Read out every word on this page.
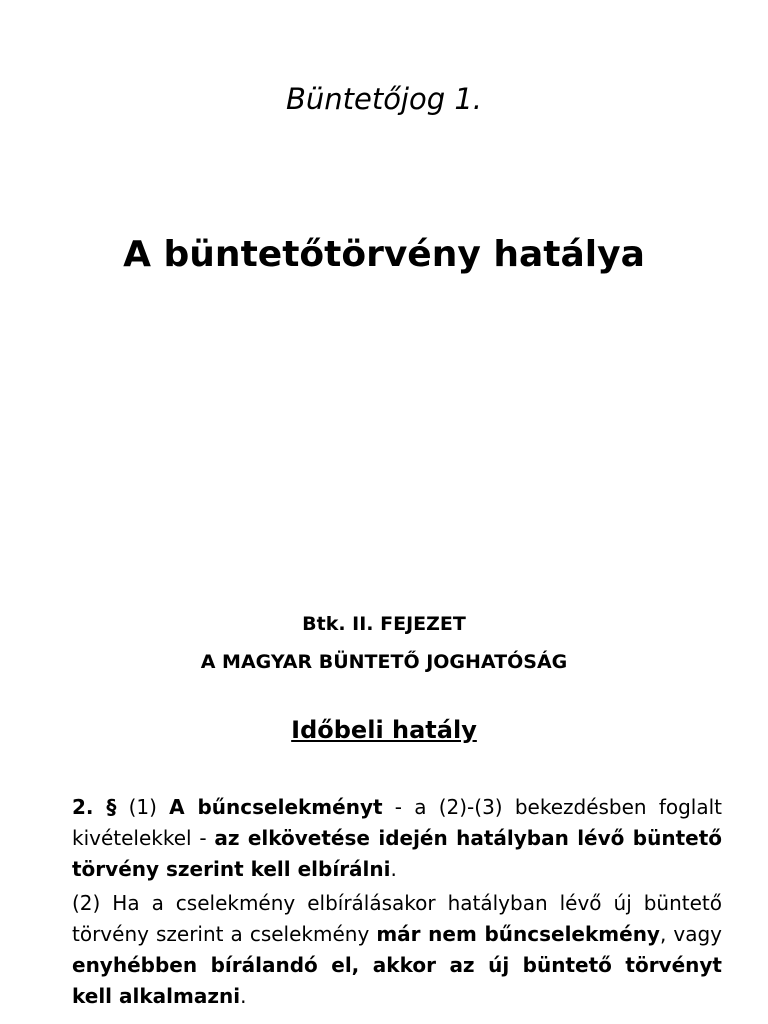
Büntetőjog 1.
A büntetőtörvény hatálya
Btk. II. FEJEZET
A MAGYAR BÜNTETŐ JOGHATÓSÁG
Időbeli hatály

2. § (1) A bűncselekményt - a (2)-(3) bekezdésben foglalt kivételekkel - az elkövetése idején hatályban lévő büntető törvény szerint kell elbírálni.

(2) Ha a cselekmény elbírálásakor hatályban lévő új büntető törvény szerint a cselekmény már nem bűncselekmény, vagy enyhébben bírálandó el, akkor az új büntető törvényt kell alkalmazni.
